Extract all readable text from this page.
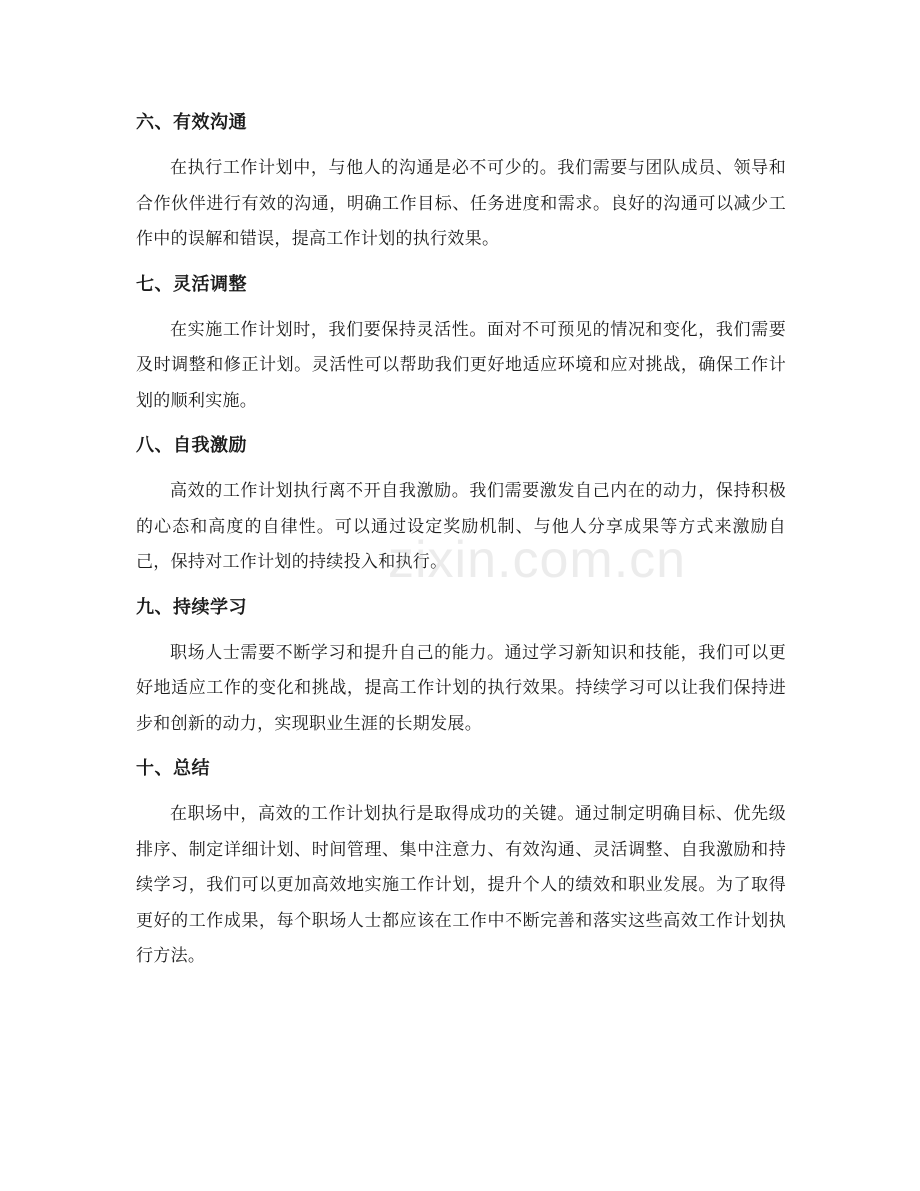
六、有效沟通

在执行工作计划中，与他人的沟通是必不可少的。我们需要与团队成员、领导和合作伙伴进行有效的沟通，明确工作目标、任务进度和需求。良好的沟通可以减少工作中的误解和错误，提高工作计划的执行效果。

七、灵活调整

在实施工作计划时，我们要保持灵活性。面对不可预见的情况和变化，我们需要及时调整和修正计划。灵活性可以帮助我们更好地适应环境和应对挑战，确保工作计划的顺利实施。

八、自我激励

高效的工作计划执行离不开自我激励。我们需要激发自己内在的动力，保持积极的心态和高度的自律性。可以通过设定奖励机制、与他人分享成果等方式来激励自己，保持对工作计划的持续投入和执行。

九、持续学习

职场人士需要不断学习和提升自己的能力。通过学习新知识和技能，我们可以更好地适应工作的变化和挑战，提高工作计划的执行效果。持续学习可以让我们保持进步和创新的动力，实现职业生涯的长期发展。

十、总结

在职场中，高效的工作计划执行是取得成功的关键。通过制定明确目标、优先级排序、制定详细计划、时间管理、集中注意力、有效沟通、灵活调整、自我激励和持续学习，我们可以更加高效地实施工作计划，提升个人的绩效和职业发展。为了取得更好的工作成果，每个职场人士都应该在工作中不断完善和落实这些高效工作计划执行方法。

zixin.com.cn
